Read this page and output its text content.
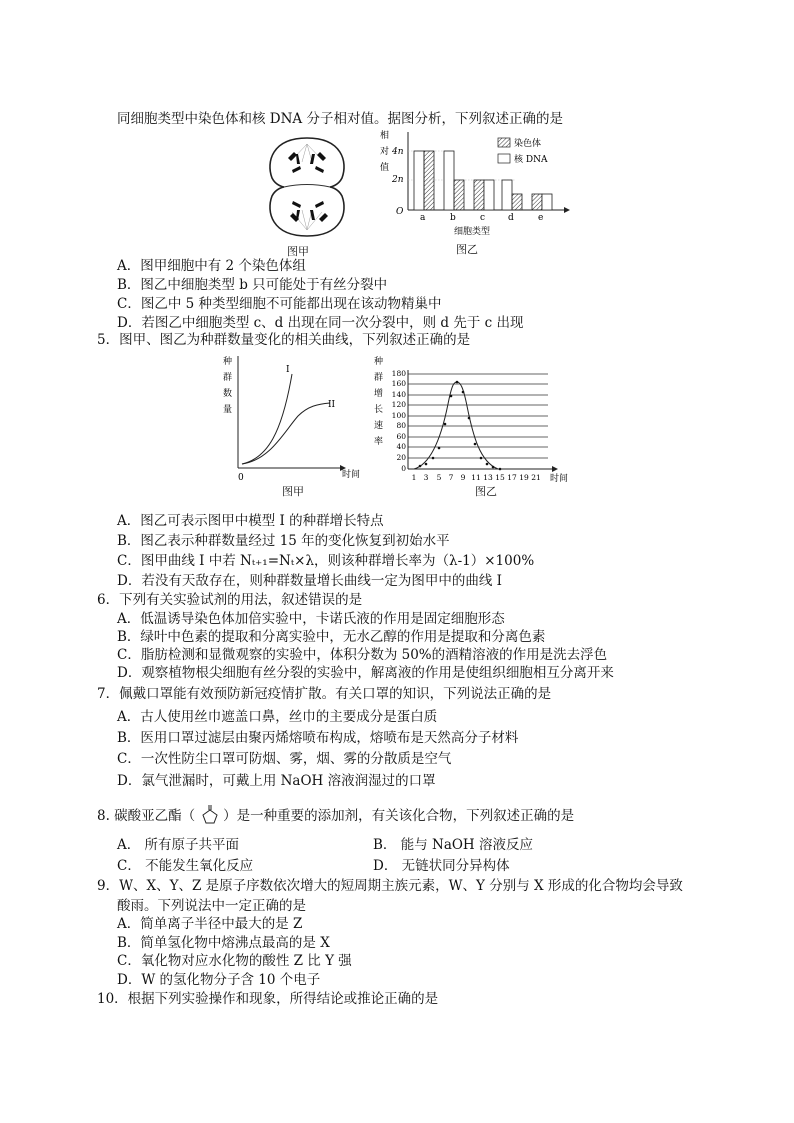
同细胞类型中染色体和核 DNA 分子相对值。据图分析，下列叙述正确的是
图甲
相
对
值
4n
2n
O
a	b	c	d	e
细胞类型
染色体
核 DNA
图乙
A．图甲细胞中有 2 个染色体组
B．图乙中细胞类型 b 只可能处于有丝分裂中
C．图乙中 5 种类型细胞不可能都出现在该动物精巢中
D．若图乙中细胞类型 c、d 出现在同一次分裂中，则 d 先于 c 出现
5．图甲、图乙为种群数量变化的相关曲线，下列叙述正确的是
种
群
数
量
0	时间
I
II
图甲
种
群
增
长
速
率
180
160
140
120
100
80
60
40
20
0
1 3 5 7 9 11 13 15 17 19 21 时间
图乙
A．图乙可表示图甲中模型 I 的种群增长特点
B．图乙表示种群数量经过 15 年的变化恢复到初始水平
C．图甲曲线 I 中若 Nₜ₊₁=Nₜ×λ，则该种群增长率为（λ-1）×100%
D．若没有天敌存在，则种群数量增长曲线一定为图甲中的曲线 I
6．下列有关实验试剂的用法，叙述错误的是
A．低温诱导染色体加倍实验中，卡诺氏液的作用是固定细胞形态
B．绿叶中色素的提取和分离实验中，无水乙醇的作用是提取和分离色素
C．脂肪检测和显微观察的实验中，体积分数为 50%的酒精溶液的作用是洗去浮色
D．观察植物根尖细胞有丝分裂的实验中，解离液的作用是使组织细胞相互分离开来
7．佩戴口罩能有效预防新冠疫情扩散。有关口罩的知识，下列说法正确的是
A．古人使用丝巾遮盖口鼻，丝巾的主要成分是蛋白质
B．医用口罩过滤层由聚丙烯熔喷布构成，熔喷布是天然高分子材料
C．一次性防尘口罩可防烟、雾，烟、雾的分散质是空气
D．氯气泄漏时，可戴上用 NaOH 溶液润湿过的口罩
8. 碳酸亚乙酯（ ）是一种重要的添加剂，有关该化合物，下列叙述正确的是
A． 所有原子共平面	B． 能与 NaOH 溶液反应
C． 不能发生氧化反应	D． 无链状同分异构体
9．W、X、Y、Z 是原子序数依次增大的短周期主族元素，W、Y 分别与 X 形成的化合物均会导致
酸雨。下列说法中一定正确的是
A．简单离子半径中最大的是 Z
B．简单氢化物中熔沸点最高的是 X
C．氧化物对应水化物的酸性 Z 比 Y 强
D．W 的氢化物分子含 10 个电子
10．根据下列实验操作和现象，所得结论或推论正确的是
